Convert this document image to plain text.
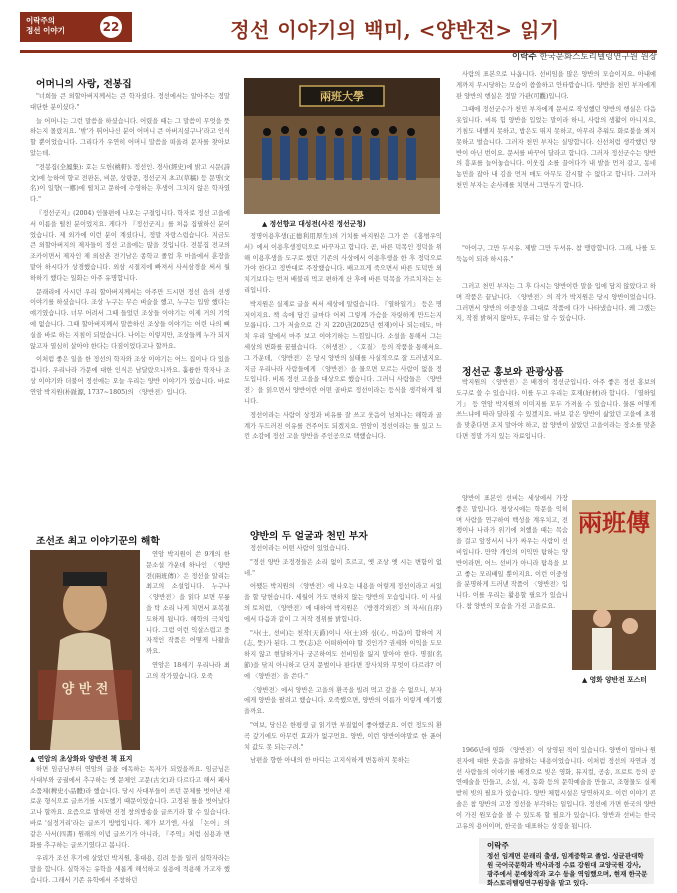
이락주의
정선 이야기	22	정선 이야기의 백미, <양반전> 읽기
이락주 한국문화스토리텔링연구원 원장
어머니의 사랑, 전봉집

"너희들 큰 외할아버지께서는 큰 학자셨다. 정선에서는 알아주는 정말 대단한 분이셨다."

늘 어머니는 그런 말씀을 하셨습니다. 어렸을 때는 그 말씀이 무엇을 뜻하는지 몰랐지요. '밖'가 뛰어나신 분이 어머니 큰 아버지셨구나'라고 인식할 뿐이었습니다. 그리다가 우연히 어머니 말씀을 떠올려 문자를 찾아보았는데.

"전봉집(全鳳集): 호는 도헌(桃軒). 정선인. 경사(經史)에 밝고 시문(詩文)에 능하여 향교 전판돈, 비문, 상량문, 정선군지 초고(草稿) 등 문명(文名)이 일향(一鄕)에 떨치고 문하에 수영하는 후생이 그치지 않은 학자였다."

『정선군지』(2004) 인물편에 나오는 구절입니다. 학자로 정선 고을에서 이름을 떨친 분이었지요. 게다가 『정선군지』를 처음 집필하신 분이었습니다. 제 외가에 이런 분이 계셨다니, 정말 자랑스럽습니다. 지금도 큰 외할아버지의 제자들이 정선 고을에는 많을 것입니다. 전봉집 전교의 조카이면서 제자인 제 외삼촌 전기남은 종학교 졸업 후 마을에서 훈장을 맡아 하시다가 상경했습니다. 외삼 시절지에 빠져서 사서삼경을 써서 월하하기 했다는 일화는 아주 유명합니다.

문래리에 사시던 우리 할아버지께서는 아주만 드시면 정선 읍의 선생 이야기를 하셨습니다. 조상 누구는 무슨 벼슬을 했고, 누구는 입암 했다는 얘기였습니다. 너무 어려서 그때 들었던 조상들 이야기는 이제 거의 기억에 없습니다. 그때 할아버지께서 말씀하신 조상들 이야기는 어린 나의 뼈실을 바로 하는 지침이 되었습니다. 나이는 이렇지만, 조상들께 누가 되지 않고자 열심히 살아야 한다는 다짐이었다고나 할까요.

이처럼 좋은 일을 한 정선의 학자와 조상 이야기는 어느 집이나 다 있을 겁니다. 우리나라 가문에 대한 인식은 남달랐으니까요. 훌륭한 학자나 조상 이야기와 더불어 정선에는 오늘 우리는 양반 이야기가 있습니다. 바로 연암 박지원(朴趾源, 1737~1805)의 〈양반전〉입니다.

조선조 최고 이야기꾼의 해학
양 반 전
▲ 연암의 초상화와 양반전 책 표지

연암 박지원이 쓴 9개의 한문소설 가운데 하나인 〈양반전(兩班傳)〉은 정선을 알리는 최고의 소설입니다. 누구나 〈양반전〉을 읽다 보면 무릎을 탁 소리 나게 치면서 포복절도하게 됩니다. 해학의 극치입니다. 그럼 이런 익살스럽고 풍자적인 작품은 어떻게 나왔을까요.

연암은 18세기 우리나라 최고의 작가였습니다. 오죽

하면 임금님부터 연암의 글을 애독하는 독자가 되었을까요. 임금님은 사대부와 궁궐에서 추구하는 옛 문체인 고문(古文)과 다르다고 해서 패사소품체(稗史小品體)라 했습니다. 당시 사대부들이 쓰던 문체를 벗어난 새로운 형식으로 글쓰기를 시도했기 때문이었습니다. 고정된 틀을 벗어났다고나 할까요. 요즘으로 말하면 진정 창의방송을 글쓰기라 할 수 있습니다. 바로 '실정거리'라는 글쓰기 방법입니다. 제가 보기엔, 사실 「논어」의 같은 사서(四書) 원래의 이념 글쓰기가 아니라, 『주역』처럼 심용과 변화를 추구하는 글쓰기였다고 봅니다.

우리가 조선 후기에 살았던 박지원, 홍대용, 김려 등을 일러 실학자라는 말을 합니다. 실학자는 유학을 새롭게 해석하고 실용에 적용해 가고자 했습니다. 그래서 기존 유학에서 주창하던

兩班大學
▲ 정선향교 대성전(사진 정선군청)

정명이용후생(正德利用厚生)의 기치를 바지원은 그가 쓴 《홍범우익서》에서 이용후생정덕으로 바꾸자고 합니다. 곧, 바른 덕목인 정덕을 위해 이용후생을 도구로 썼던 기존의 사상에서 이용후생을 한 후 정덕으로 가야 한다고 정반대로 주장했습니다. 배고프게 죽으면서 바른 도덕만 외치기보다는 먼저 배불리 먹고 편하게 산 후에 바른 덕목을 가르치자는 논리입니다.

박지원은 실제로 글을 써서 세상에 알렸습니다. 『열하일기』 등은 명저이지요. 책 속에 담긴 글마다 어찌 그렇게 가슴을 자릿하게 만드는지 모릅니다. 그가 저술으로 간 지 220년(2025년 현재)이나 되는데도, 마치 우리 앞에서 마주 보고 이야기하는 느낌입니다. 소설을 통해서 그는 세상의 변화를 꿈꿨습니다. 〈허생전〉, 〈호질〉 등의 작품을 통해서요. 그 가운데, 〈양반전〉은 당시 양반의 실태를 사실적으로 잘 드러냈지요. 지금 우리나라 사람들에게 〈양반전〉을 물으면 모르는 사람이 없을 정도입니다. 비록 정선 고을을 대상으로 했습니다. 그러니 사람들은 〈양반전〉을 읽으면서 양반이란 어떤 골바로 정선이라는 등식을 생각하게 됩니다.

정선이라는 사람이 상정과 비유를 잘 쓰고 웃음이 넘쳐나는 해학과 골계가 두드러진 이유를 견주어도 되겠지요. 연암이 정선이라는 틀 있고 느낀 소감에 정선 고을 양반을 주인공으로 택했습니다.

양반의 두 얼굴과 천민 부자

정선이라는 어떤 사람이 있었습니다.

"정선 양반 조정경들은 소리 없이 흐르고, 옛 조상 옛 시는 변함이 없네."

어쨌든 박지원의 〈양반전〉에 나오는 내용을 어렇게 정선이라고 서있을 할 당헌습니다. 세월이 가도 변하지 않는 양반의 모습입니다. 이 사실의 토처럼, 〈양반전〉에 대하여 박지원은 〈방경각외전〉의 자서(自序)에서 다음과 같이 그 저작 경위를 밝힙니다.

"사(士, 선비)는 천작(天爵)이니 사(士)와 심(心, 마음)이 합하여 지(志, 뜻)가 된다. 그 뜻(志)은 어떠하여야 할 것인가? 권세와 이익을 도모하지 않고 현달하거나 궁곤하여도 선비임을 잃지 말아야 한다. 명절(名節)을 닦지 아니하고 단지 문벌이나 판다면 장사치와 무엇이 다르랴? 이에 〈양반전〉을 쓴다."

〈양반전〉에서 양반은 고을의 환곡을 빌려 먹고 갚을 수 없으니, 부자에게 양반을 팔려고 했습니다. 오죽했으면, 양반의 이름가 이렇게 얘기했을까요.

"여보, 당신은 한평생 글 읽기만 부질없이 좋아했군요. 이런 정도의 환곡 갚기에도 아무런 효과가 없구먼요. 양반, 이런 양반이야말로 한 푼어치 값도 못 되는구려."

남편을 향한 아내의 한 마디는 고지식하게 변동하지 못하는

사람의 표본으로 나옵니다. 선비임을 많은 양반의 모습이지요. 아내에게까지 무시당하는 모습이 씁쓸하고 안타깝습니다. 양반을 천민 부자에게 판 양반의 행실은 정말 가관(可觀)입니다.

그때에 정선군수가 천민 부자에게 문서로 작성했던 양반의 행실은 다음 옷입니다. 비록 힘 양반을 입었는 말이라 하니, 사람의 생활이 아니지요, 기침도 내뱉지 못하고, 밥은도 뛰지 못하고, 아무리 추워도 화로불을 쬐지 못하고 벌습니다. 그러자 천민 부자는 실망합니다. 신선처럼 생각했던 양반이 아닌 번이요. 문서를 바꾸어 달라고 합니다. 그러자 정선군수는 양반의 흥포를 늘어놓습니다. 이웃집 소를 끌어다가 내 밭을 먼저 갈고, 동네 농민을 잡아 내 김을 먼저 매도 아무도 감시할 수 없다고 합니다. 그러자 천민 부자는 손사래를 치면서 그만두기 합니다.

"아이구, 그만 두시유. 제발 그만 두셔유. 참 맹랑합니다. 그래, 나를 도둑놈이 되라 하시유."

그러고 천민 부자는 그 후 다시는 양반이란 말을 입에 담지 않았다고 하며 작품은 끝납니다. 〈양반전〉의 작가 박지원은 당시 양반이었습니다. 그러면서 양반의 이중성을 그대로 작품에 다가 나타냈습니다. 왜 그랬는지, 작점 밝혀지 않아도, 우리는 알 수 있습니다.

정선군 홍보와 관광상품

박지원의 〈양반전〉은 배경이 정선군입니다. 아주 좋은 정선 홍보의 도구로 쓸 수 있습니다. 이를 두고 우리는 호재(好材)라 합니다. 『열하일기』 등 연암 박지원의 이미지를 모두 가져올 수 있습니다. 물론 어떻게 쓰느냐에 따라 달라질 수 있겠지요. 바보 같은 양반이 삶았던 고을에 초점을 맞춘다면 조지 말아야 하고, 참 양반이 살았던 고을이라는 장소를 맞춘다면 정말 가지 있는 자료입니다.

양반이 표본인 선비는 세상에서 가장 좋은 말입니다. 평상시에는 학문을 익히며 사람을 연구하여 백성을 계우치고, 전쟁이나 나라가 위기에 처했을 때는 목숨을 걸고 앞장서서 나가 싸우는 사람이 선비입니다. 만약 개인의 이익만 탐하는 양반이라면, 어느 선비가 아니라 탐욕을 보고 좋는 모리배일 뿐이지요. 이런 이중성을 분명하게 드러낸 작품이 〈양반전〉입니다. 이를 우리는 활용할 필요가 있습니다. 참 양반의 모습을 가진 고을로요.

兩班傳
▲ 영화 양반전 포스터

1966년에 영화 〈양반전〉이 상영된 적이 있습니다. 양반이 얼마나 원진자에 대한 웃음을 유발하는 내용이었습니다. 이처럼 정선의 자연과 정선 사람들의 이야기를 배경으로 빚은 영화, 뮤지컬, 공송, 프로트 등의 공연예술을 만들고, 소설, 시, 동화 등의 문학예술을 만들고, 조형물도 실제 받히 빚의 필요가 있습니다. 양반 체험시설은 당연하지요. 이런 이야기 콘솔은 참 양반의 고장 정선을 부각하는 일입니다. 정선에 가면 한국의 양반이 가진 원모습을 볼 수 있도록 할 필요가 있습니다. 양반과 선비는 한국 고유의 용어이며, 한국을 대표하는 상징을 됩니다.

이락주
정선 임계면 문래리 출생, 임계중학교 졸업. 성균관대학원 국어국문학과 박사과정 수료 강원대 교양국원 강사, 광주에서 문예창작과 교수 등을 역임했으며, 현재 한국문화스토리텔링연구원장을 맡고 있다.
